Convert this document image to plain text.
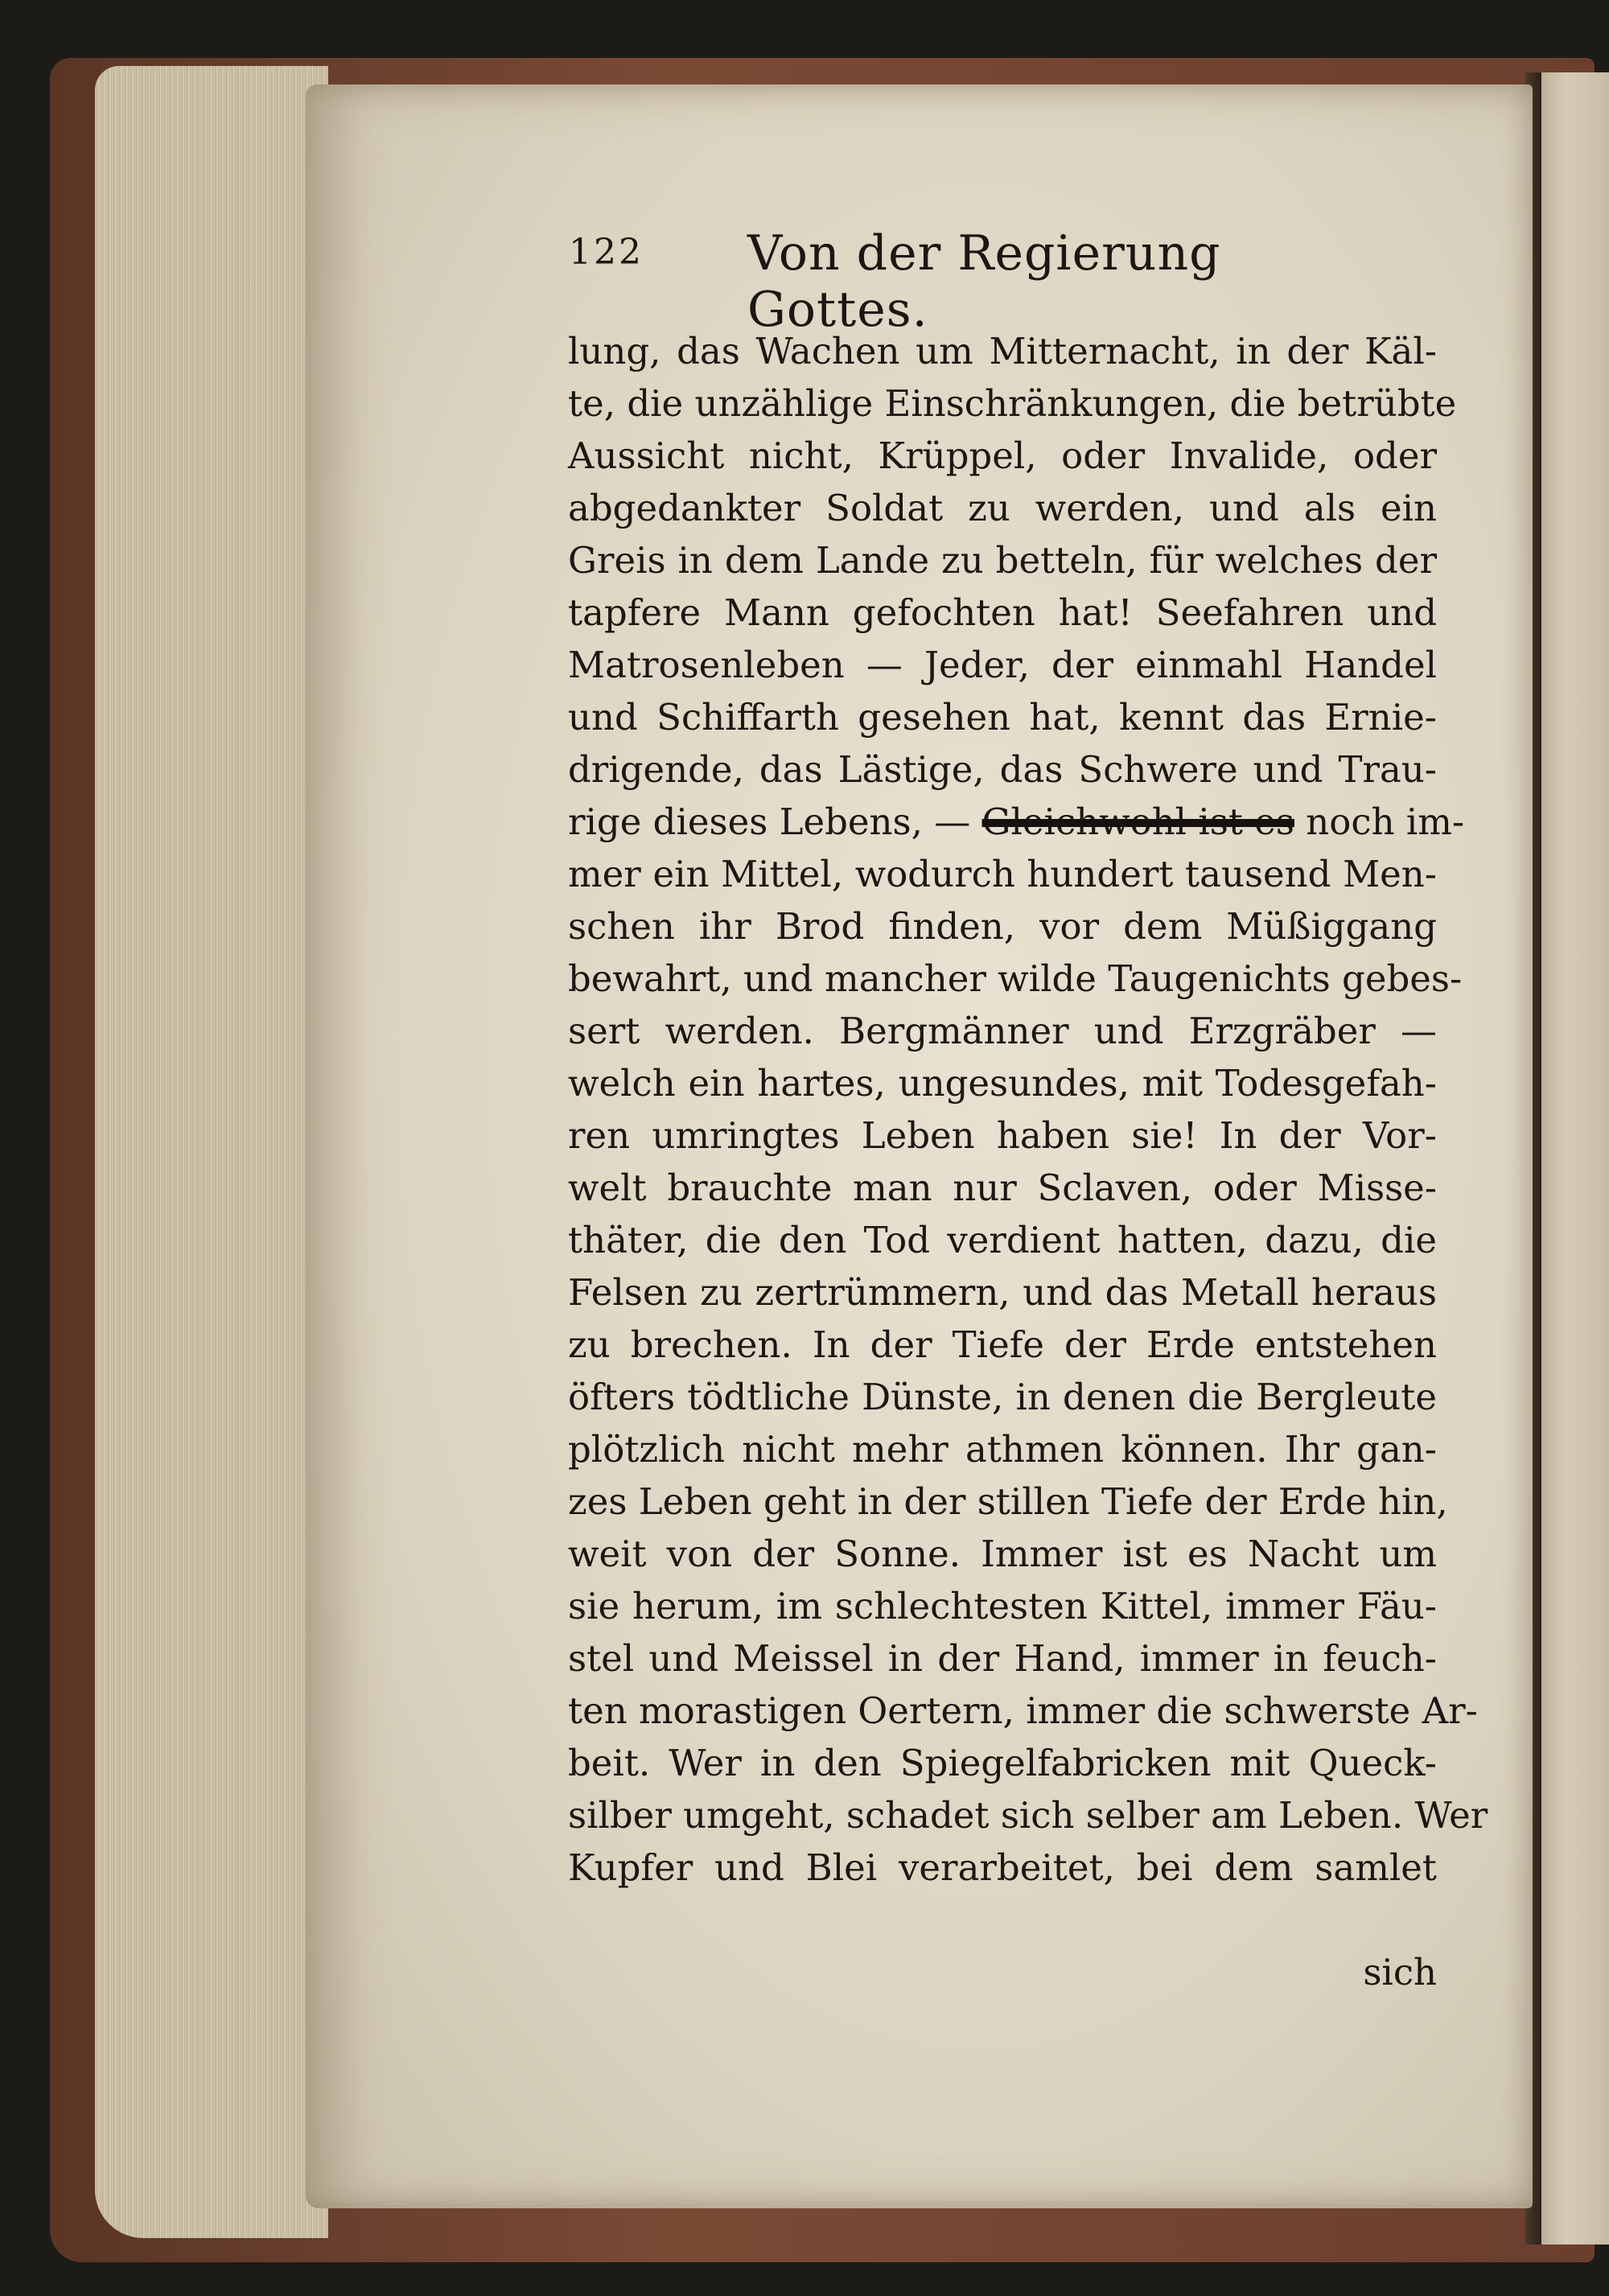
122 Von der Regierung Gottes.
lung, das Wachen um Mitternacht, in der Käl-
te, die unzählige Einschränkungen, die betrübte
Aussicht nicht, Krüppel, oder Invalide, oder
abgedankter Soldat zu werden, und als ein
Greis in dem Lande zu betteln, für welches der
tapfere Mann gefochten hat! Seefahren und
Matrosenleben — Jeder, der einmahl Handel
und Schiffarth gesehen hat, kennt das Ernie-
drigende, das Lästige, das Schwere und Trau-
rige dieses Lebens, — Gleichwohl ist es noch im-
mer ein Mittel, wodurch hundert tausend Men-
schen ihr Brod finden, vor dem Müßiggang
bewahrt, und mancher wilde Taugenichts gebes-
sert werden. Bergmänner und Erzgräber —
welch ein hartes, ungesundes, mit Todesgefah-
ren umringtes Leben haben sie! In der Vor-
welt brauchte man nur Sclaven, oder Misse-
thäter, die den Tod verdient hatten, dazu, die
Felsen zu zertrümmern, und das Metall heraus
zu brechen. In der Tiefe der Erde entstehen
öfters tödtliche Dünste, in denen die Bergleute
plötzlich nicht mehr athmen können. Ihr gan-
zes Leben geht in der stillen Tiefe der Erde hin,
weit von der Sonne. Immer ist es Nacht um
sie herum, im schlechtesten Kittel, immer Fäu-
stel und Meissel in der Hand, immer in feuch-
ten morastigen Oertern, immer die schwerste Ar-
beit. Wer in den Spiegelfabricken mit Queck-
silber umgeht, schadet sich selber am Leben. Wer
Kupfer und Blei verarbeitet, bei dem samlet
sich
